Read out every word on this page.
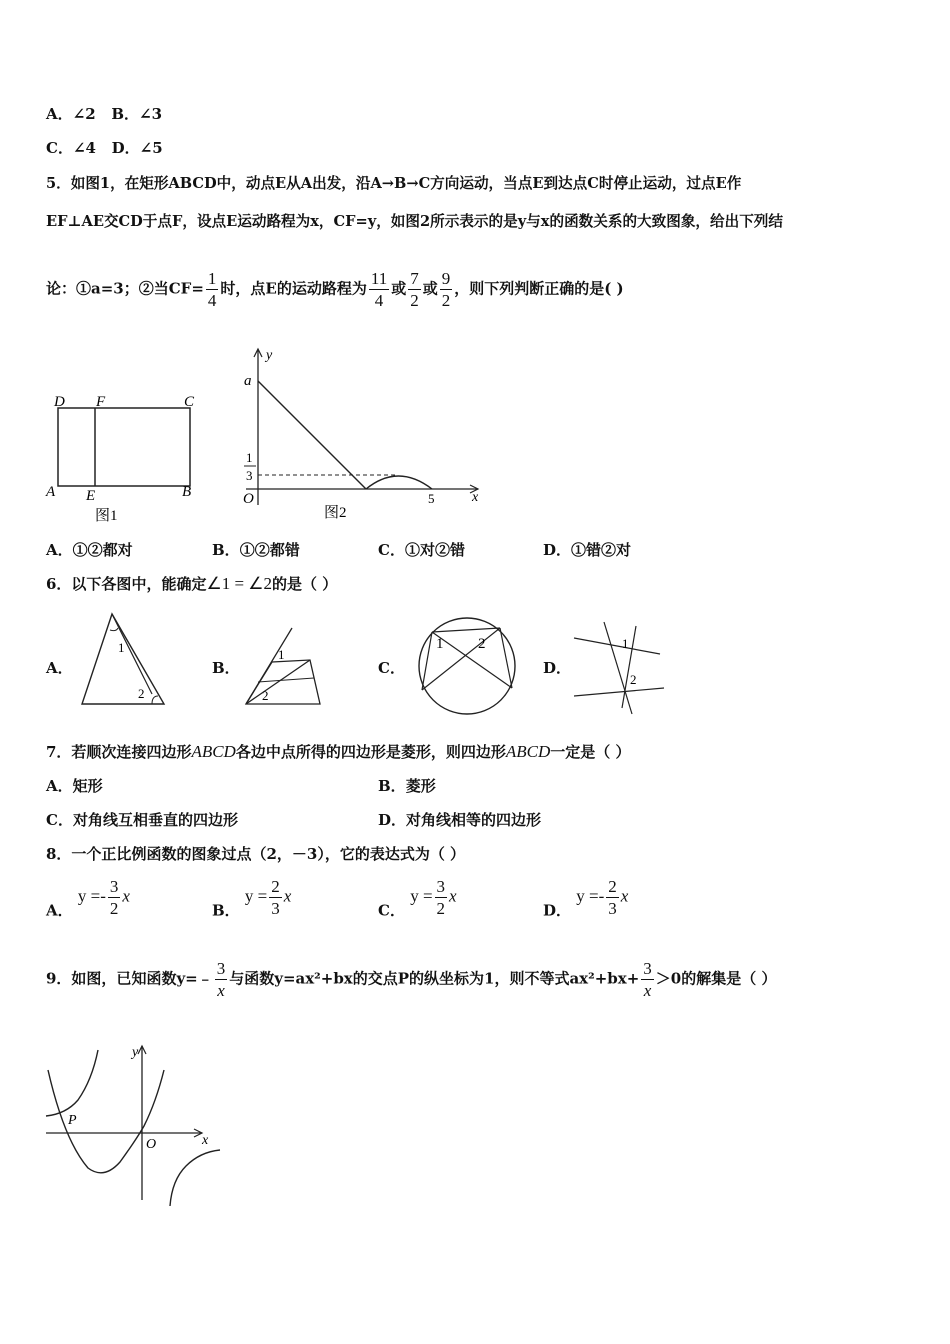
A．∠2 B．∠3
C．∠4 D．∠5
5．如图1，在矩形ABCD中，动点E从A出发，沿A→B→C方向运动，当点E到达点C时停止运动，过点E作
EF⊥AE交CD于点F，设点E运动路程为x，CF=y，如图2所示表示的是y与x的函数关系的大致图象，给出下列结
论：①a=3；②当$CF= \frac{1}{4}$ 时，点E的运动路程为 $\frac{11}{4}$ 或 $\frac{7}{2}$ 或 $\frac{9}{2}$ ，则下列判断正确的是( )
D F	C
A E	B
图1
y
a
1
3
O	5	x
图2
A．①②都对	B．①②都错	C．①对②错	D．①错②对
6．以下各图中，能确定∠1 = ∠2的是（ ）
A．
1
2
B．
1
2
C．
1 2
D．
1
2
7．若顺次连接四边形ABCD各边中点所得的四边形是菱形，则四边形ABCD一定是（ ）
A．矩形	B．菱形
C．对角线互相垂直的四边形	D．对角线相等的四边形
8．一个正比例函数的图象过点（2，－3），它的表达式为（ ）
A． $y =- \frac{3}{2}$ x
B． $y = \frac{2}{3}$ x
C． $y = \frac{3}{2}$ x
D． $y =- \frac{2}{3}$ x
9．如图，已知函数y=﹣ $\frac{3}{x}$ 与函数y=ax²+bx的交点P的纵坐标为1，则不等式$ax^2+bx+ \frac{3}{x} >0$的解集是（ ）
y
x
O
P
